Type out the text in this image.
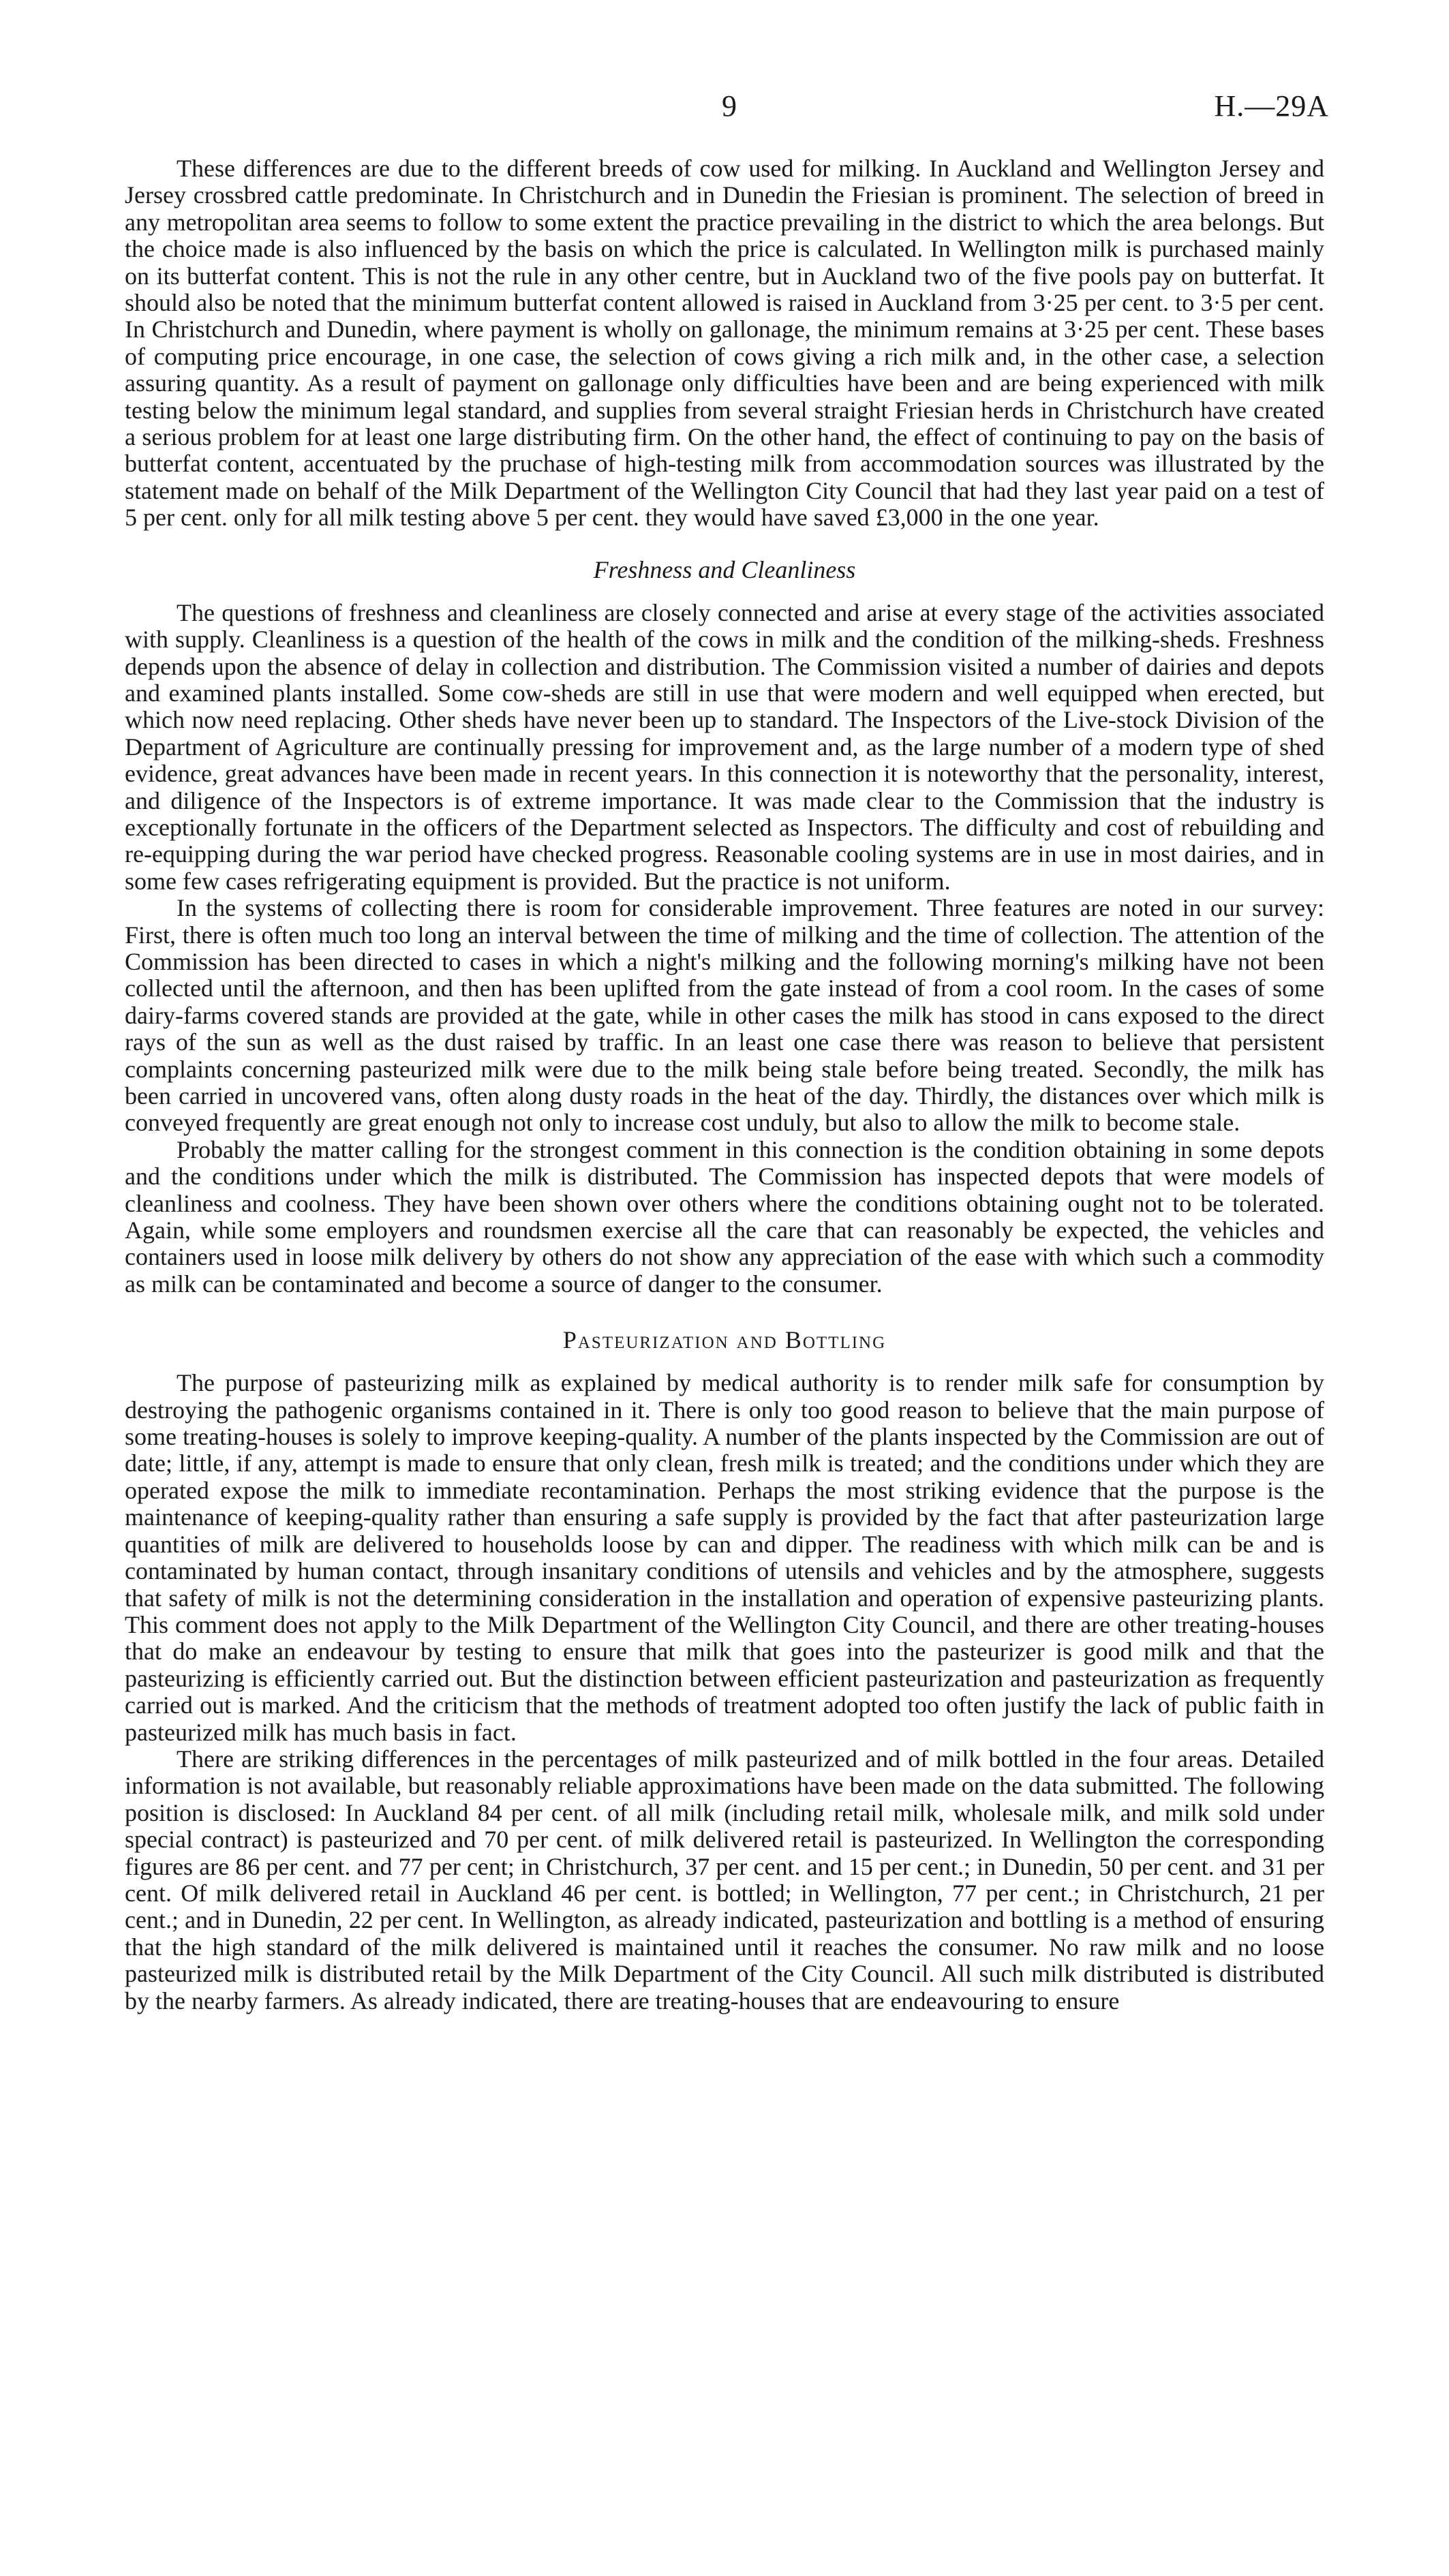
9	H.—29A

These differences are due to the different breeds of cow used for milking. In Auckland and Wellington Jersey and Jersey crossbred cattle predominate. In Christchurch and in Dunedin the Friesian is prominent. The selection of breed in any metropolitan area seems to follow to some extent the practice prevailing in the district to which the area belongs. But the choice made is also influenced by the basis on which the price is calculated. In Wellington milk is purchased mainly on its butterfat content. This is not the rule in any other centre, but in Auckland two of the five pools pay on butterfat. It should also be noted that the minimum butterfat content allowed is raised in Auckland from 3·25 per cent. to 3·5 per cent. In Christchurch and Dunedin, where payment is wholly on gallonage, the minimum remains at 3·25 per cent. These bases of computing price encourage, in one case, the selection of cows giving a rich milk and, in the other case, a selection assuring quantity. As a result of payment on gallonage only difficulties have been and are being experienced with milk testing below the minimum legal standard, and supplies from several straight Friesian herds in Christchurch have created a serious problem for at least one large distributing firm. On the other hand, the effect of continuing to pay on the basis of butterfat content, accentuated by the pruchase of high-testing milk from accommodation sources was illustrated by the statement made on behalf of the Milk Department of the Wellington City Council that had they last year paid on a test of 5 per cent. only for all milk testing above 5 per cent. they would have saved £3,000 in the one year.

Freshness and Cleanliness

The questions of freshness and cleanliness are closely connected and arise at every stage of the activities associated with supply. Cleanliness is a question of the health of the cows in milk and the condition of the milking-sheds. Freshness depends upon the absence of delay in collection and distribution. The Commission visited a number of dairies and depots and examined plants installed. Some cow-sheds are still in use that were modern and well equipped when erected, but which now need replacing. Other sheds have never been up to standard. The Inspectors of the Live-stock Division of the Department of Agriculture are continually pressing for improvement and, as the large number of a modern type of shed evidence, great advances have been made in recent years. In this connection it is noteworthy that the personality, interest, and diligence of the Inspectors is of extreme importance. It was made clear to the Commission that the industry is exceptionally fortunate in the officers of the Department selected as Inspectors. The difficulty and cost of rebuilding and re-equipping during the war period have checked progress. Reasonable cooling systems are in use in most dairies, and in some few cases refrigerating equipment is provided. But the practice is not uniform.

In the systems of collecting there is room for considerable improvement. Three features are noted in our survey: First, there is often much too long an interval between the time of milking and the time of collection. The attention of the Commission has been directed to cases in which a night's milking and the following morning's milking have not been collected until the afternoon, and then has been uplifted from the gate instead of from a cool room. In the cases of some dairy-farms covered stands are provided at the gate, while in other cases the milk has stood in cans exposed to the direct rays of the sun as well as the dust raised by traffic. In an least one case there was reason to believe that persistent complaints concerning pasteurized milk were due to the milk being stale before being treated. Secondly, the milk has been carried in uncovered vans, often along dusty roads in the heat of the day. Thirdly, the distances over which milk is conveyed frequently are great enough not only to increase cost unduly, but also to allow the milk to become stale.

Probably the matter calling for the strongest comment in this connection is the condition obtaining in some depots and the conditions under which the milk is distributed. The Commission has inspected depots that were models of cleanliness and coolness. They have been shown over others where the conditions obtaining ought not to be tolerated. Again, while some employers and roundsmen exercise all the care that can reasonably be expected, the vehicles and containers used in loose milk delivery by others do not show any appreciation of the ease with which such a commodity as milk can be contaminated and become a source of danger to the consumer.

Pasteurization and Bottling

The purpose of pasteurizing milk as explained by medical authority is to render milk safe for consumption by destroying the pathogenic organisms contained in it. There is only too good reason to believe that the main purpose of some treating-houses is solely to improve keeping-quality. A number of the plants inspected by the Commission are out of date; little, if any, attempt is made to ensure that only clean, fresh milk is treated; and the conditions under which they are operated expose the milk to immediate recontamination. Perhaps the most striking evidence that the purpose is the maintenance of keeping-quality rather than ensuring a safe supply is provided by the fact that after pasteurization large quantities of milk are delivered to households loose by can and dipper. The readiness with which milk can be and is contaminated by human contact, through insanitary conditions of utensils and vehicles and by the atmosphere, suggests that safety of milk is not the determining consideration in the installation and operation of expensive pasteurizing plants. This comment does not apply to the Milk Department of the Wellington City Council, and there are other treating-houses that do make an endeavour by testing to ensure that milk that goes into the pasteurizer is good milk and that the pasteurizing is efficiently carried out. But the distinction between efficient pasteurization and pasteurization as frequently carried out is marked. And the criticism that the methods of treatment adopted too often justify the lack of public faith in pasteurized milk has much basis in fact.

There are striking differences in the percentages of milk pasteurized and of milk bottled in the four areas. Detailed information is not available, but reasonably reliable approximations have been made on the data submitted. The following position is disclosed: In Auckland 84 per cent. of all milk (including retail milk, wholesale milk, and milk sold under special contract) is pasteurized and 70 per cent. of milk delivered retail is pasteurized. In Wellington the corresponding figures are 86 per cent. and 77 per cent; in Christchurch, 37 per cent. and 15 per cent.; in Dunedin, 50 per cent. and 31 per cent. Of milk delivered retail in Auckland 46 per cent. is bottled; in Wellington, 77 per cent.; in Christchurch, 21 per cent.; and in Dunedin, 22 per cent. In Wellington, as already indicated, pasteurization and bottling is a method of ensuring that the high standard of the milk delivered is maintained until it reaches the consumer. No raw milk and no loose pasteurized milk is distributed retail by the Milk Department of the City Council. All such milk distributed is distributed by the nearby farmers. As already indicated, there are treating-houses that are endeavouring to ensure
